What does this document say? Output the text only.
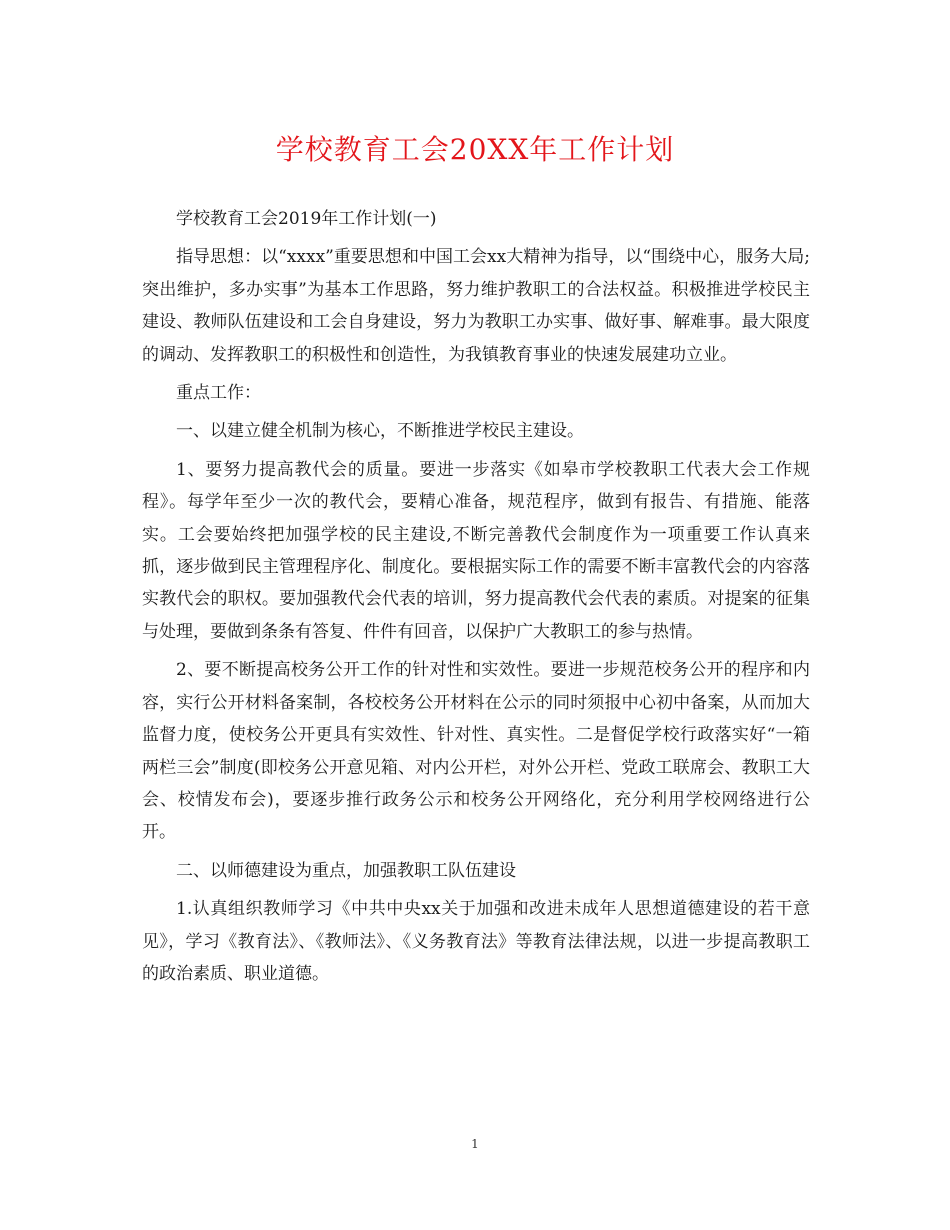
学校教育工会20XX年工作计划

学校教育工会2019年工作计划(一)

指导思想：以“xxxx”重要思想和中国工会xx大精神为指导，以“围绕中心，服务大局;突出维护，多办实事”为基本工作思路，努力维护教职工的合法权益。积极推进学校民主建设、教师队伍建设和工会自身建设，努力为教职工办实事、做好事、解难事。最大限度的调动、发挥教职工的积极性和创造性，为我镇教育事业的快速发展建功立业。

重点工作：

一、以建立健全机制为核心，不断推进学校民主建设。

1、要努力提高教代会的质量。要进一步落实《如皋市学校教职工代表大会工作规程》。每学年至少一次的教代会，要精心准备，规范程序，做到有报告、有措施、能落实。工会要始终把加强学校的民主建设,不断完善教代会制度作为一项重要工作认真来抓，逐步做到民主管理程序化、制度化。要根据实际工作的需要不断丰富教代会的内容落实教代会的职权。要加强教代会代表的培训，努力提高教代会代表的素质。对提案的征集与处理，要做到条条有答复、件件有回音，以保护广大教职工的参与热情。

2、要不断提高校务公开工作的针对性和实效性。要进一步规范校务公开的程序和内容，实行公开材料备案制，各校校务公开材料在公示的同时须报中心初中备案，从而加大监督力度，使校务公开更具有实效性、针对性、真实性。二是督促学校行政落实好“一箱两栏三会”制度(即校务公开意见箱、对内公开栏，对外公开栏、党政工联席会、教职工大会、校情发布会)，要逐步推行政务公示和校务公开网络化，充分利用学校网络进行公开。

二、以师德建设为重点，加强教职工队伍建设

1.认真组织教师学习《中共中央xx关于加强和改进未成年人思想道德建设的若干意见》，学习《教育法》、《教师法》、《义务教育法》等教育法律法规，以进一步提高教职工的政治素质、职业道德。

1
